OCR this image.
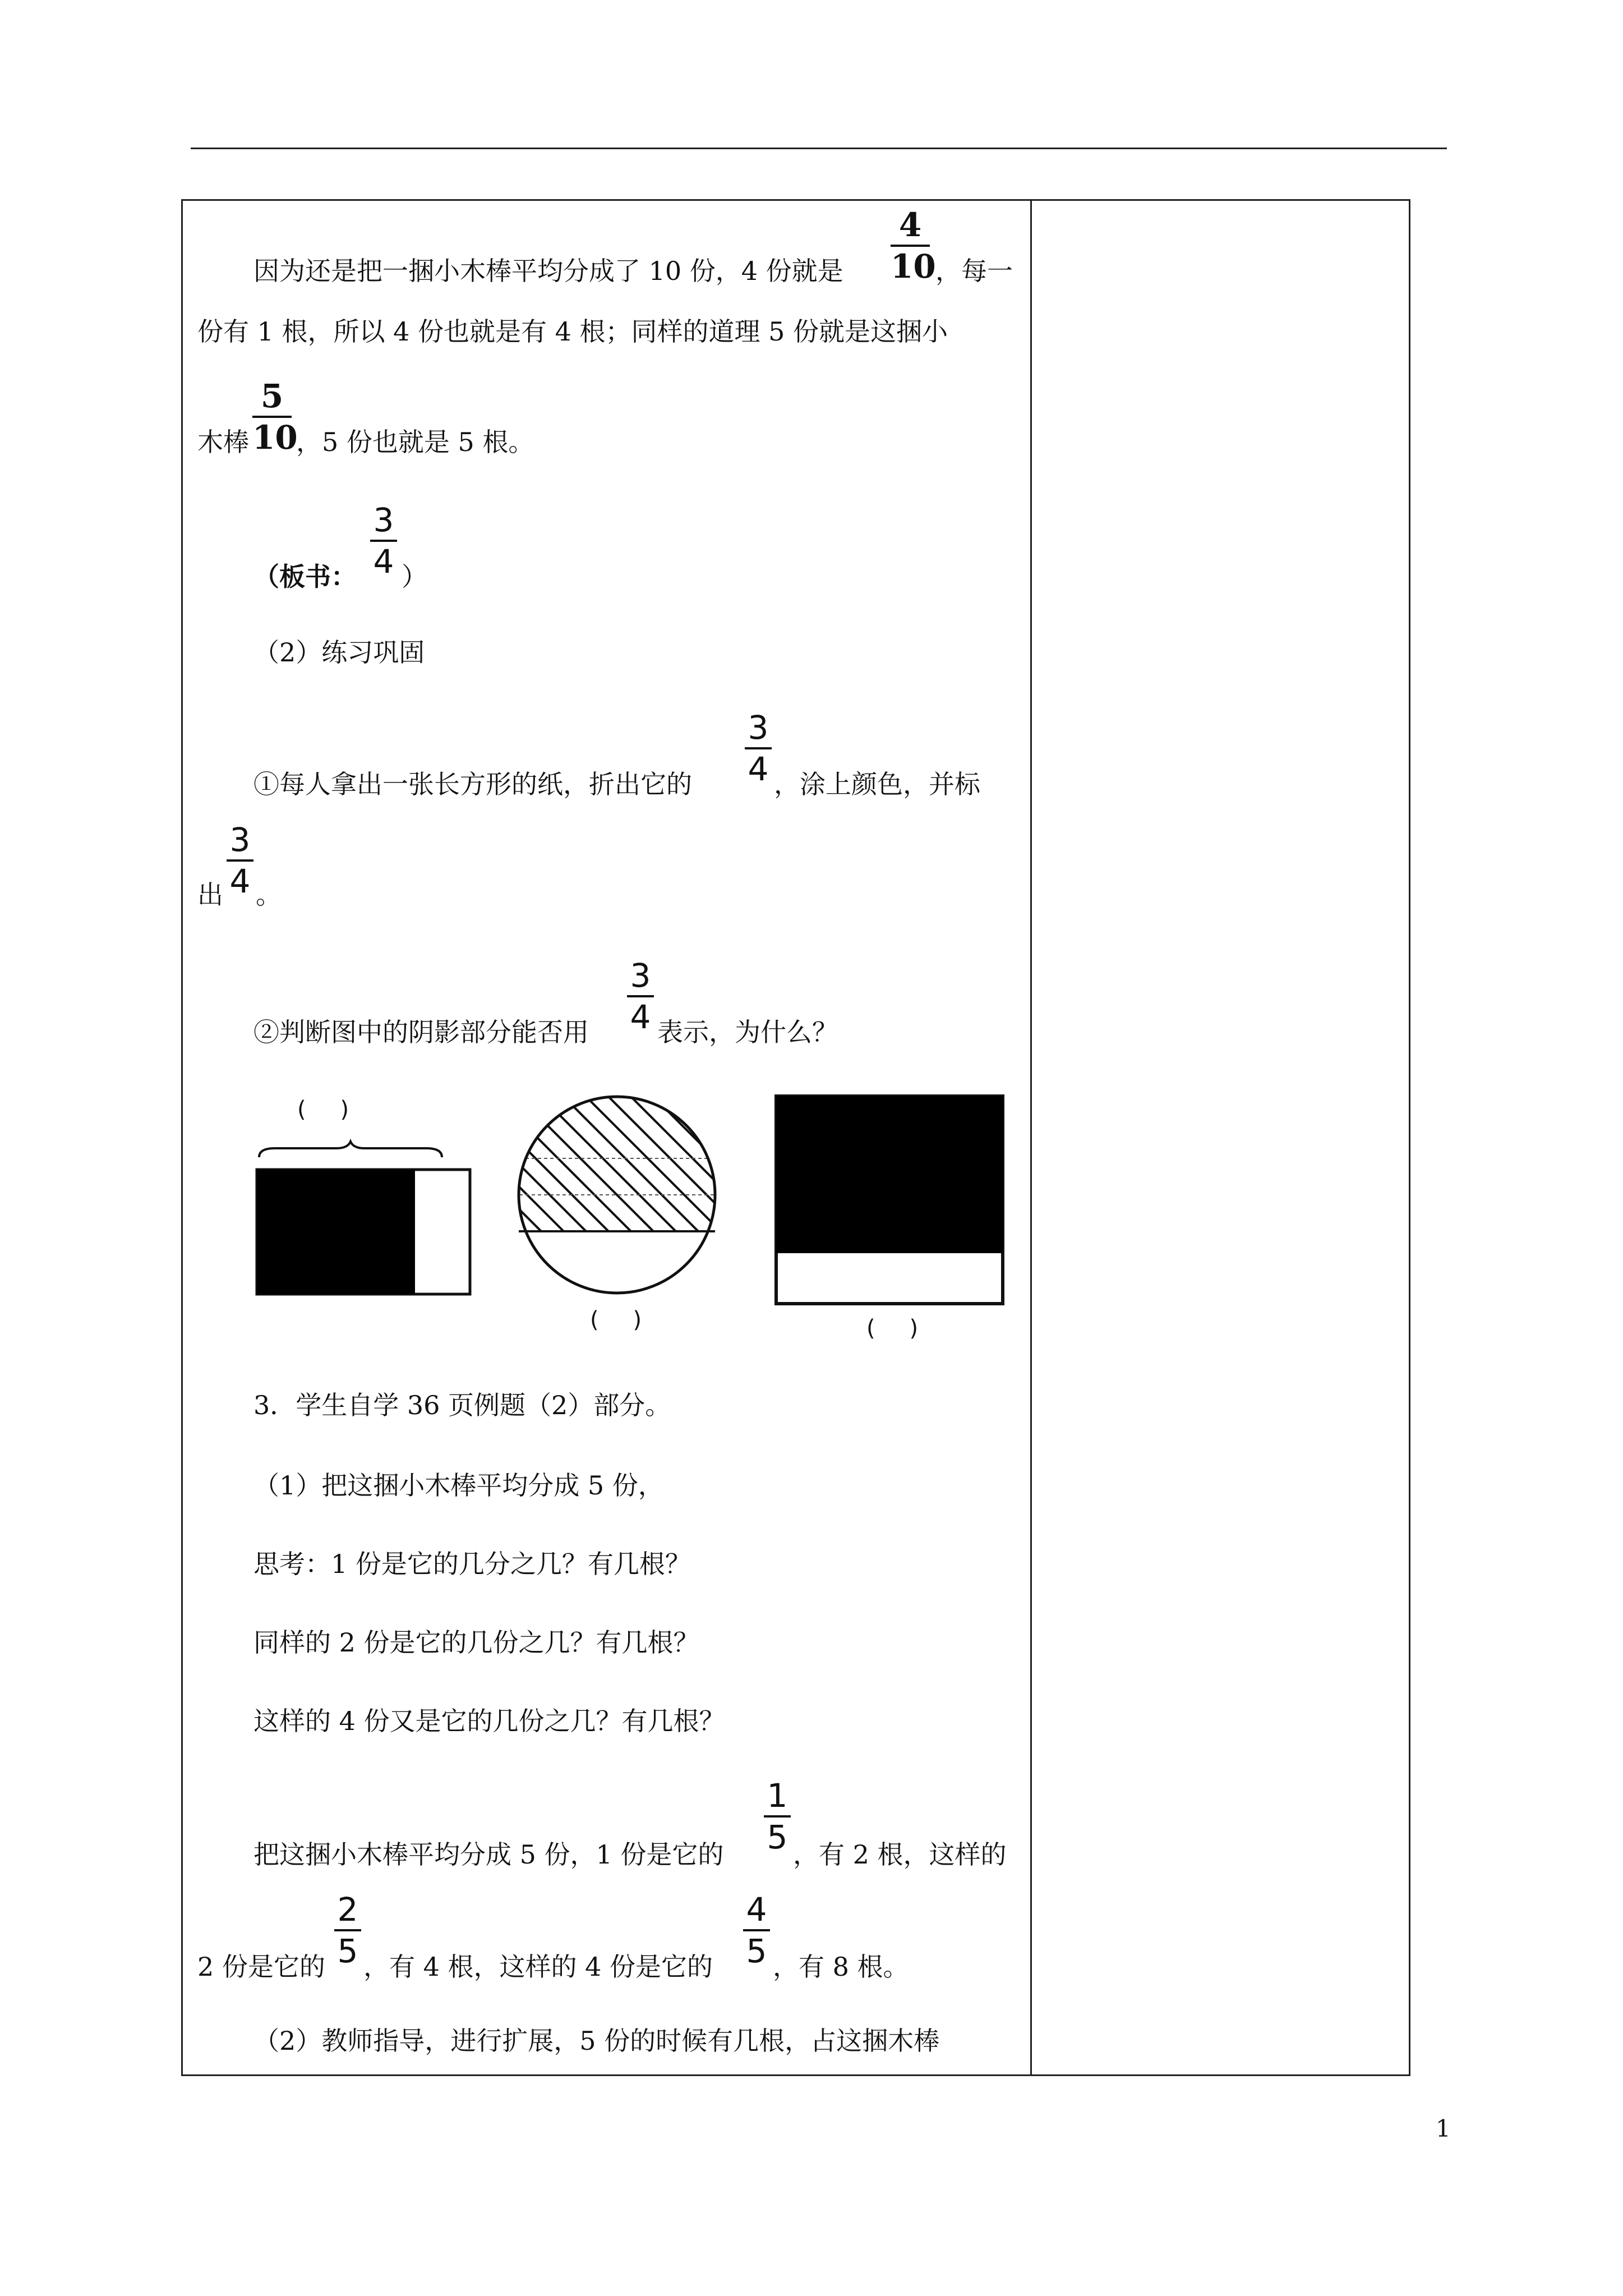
因为还是把一捆小木棒平均分成了 10 份，4 份就是
4
10 ，每一
份有 1 根，所以 4 份也就是有 4 根；同样的道理 5 份就是这捆小
木棒
5
10
，5 份也就是 5 根。
（板书：
3
4 ）
（2）练习巩固
①每人拿出一张长方形的纸，折出它的
3
4 ，涂上颜色，并标
出
3
4 。
②判断图中的阴影部分能否用
3
4 表示，为什么？
(    )
(    )	(    )
3．学生自学 36 页例题（2）部分。
（1）把这捆小木棒平均分成 5 份，
思考：1 份是它的几分之几？有几根？
同样的 2 份是它的几份之几？有几根？
这样的 4 份又是它的几份之几？有几根？
把这捆小木棒平均分成 5 份，1 份是它的
1
5 ，有 2 根，这样的
2 份是它的
2
5 ，有 4 根，这样的 4 份是它的
4
5 ，有 8 根。
（2）教师指导，进行扩展，5 份的时候有几根，占这捆木棒
1
